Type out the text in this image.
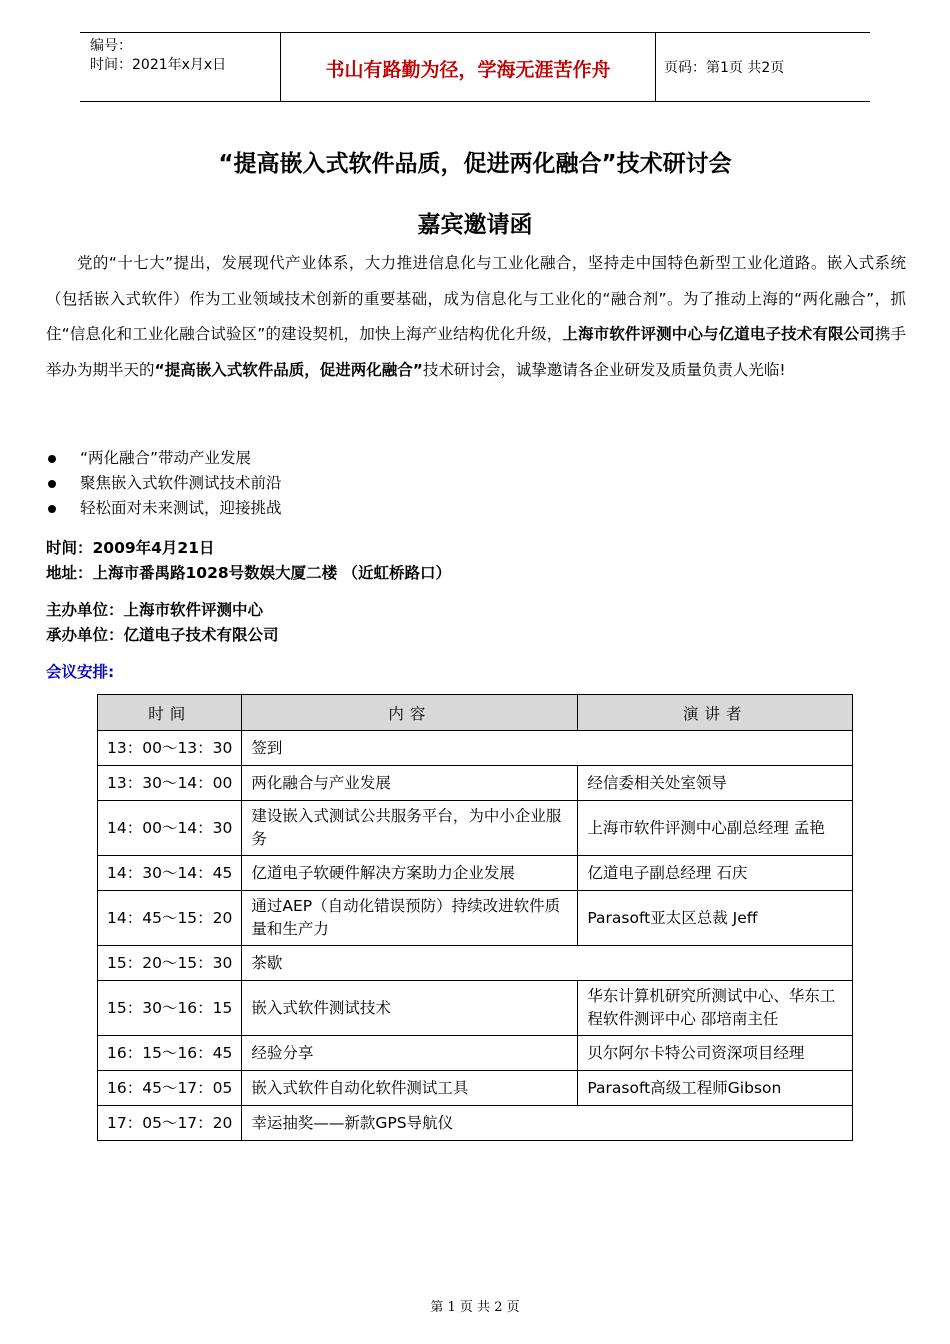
编号：
时间：2021年x月x日	书山有路勤为径，学海无涯苦作舟	页码：第1页 共2页
“提高嵌入式软件品质，促进两化融合”技术研讨会
嘉宾邀请函

党的“十七大”提出，发展现代产业体系，大力推进信息化与工业化融合，坚持走中国特色新型工业化道路。嵌入式系统（包括嵌入式软件）作为工业领域技术创新的重要基础，成为信息化与工业化的“融合剂”。为了推动上海的“两化融合”，抓住“信息化和工业化融合试验区”的建设契机，加快上海产业结构优化升级，上海市软件评测中心与亿道电子技术有限公司携手举办为期半天的“提高嵌入式软件品质，促进两化融合”技术研讨会，诚挚邀请各企业研发及质量负责人光临!

“两化融合”带动产业发展
聚焦嵌入式软件测试技术前沿
轻松面对未来测试，迎接挑战
时间：2009年4月21日
地址：上海市番禺路1028号数娱大厦二楼 （近虹桥路口）
主办单位：上海市软件评测中心
承办单位：亿道电子技术有限公司
会议安排:
时间	内容	演讲者
13：00～13：30	签到	
13：30～14：00	两化融合与产业发展	经信委相关处室领导
14：00～14：30	建设嵌入式测试公共服务平台，为中小企业服务	上海市软件评测中心副总经理 孟艳
14：30～14：45	亿道电子软硬件解决方案助力企业发展	亿道电子副总经理 石庆
14：45～15：20	通过AEP（自动化错误预防）持续改进软件质量和生产力	Parasoft亚太区总裁 Jeff
15：20～15：30	茶歇	
15：30～16：15	嵌入式软件测试技术	华东计算机研究所测试中心、华东工程软件测评中心 邵培南主任
16：15～16：45	经验分享	贝尔阿尔卡特公司资深项目经理
16：45～17：05	嵌入式软件自动化软件测试工具	Parasoft高级工程师Gibson
17：05～17：20	幸运抽奖——新款GPS导航仪	
第 1 页 共 2 页
